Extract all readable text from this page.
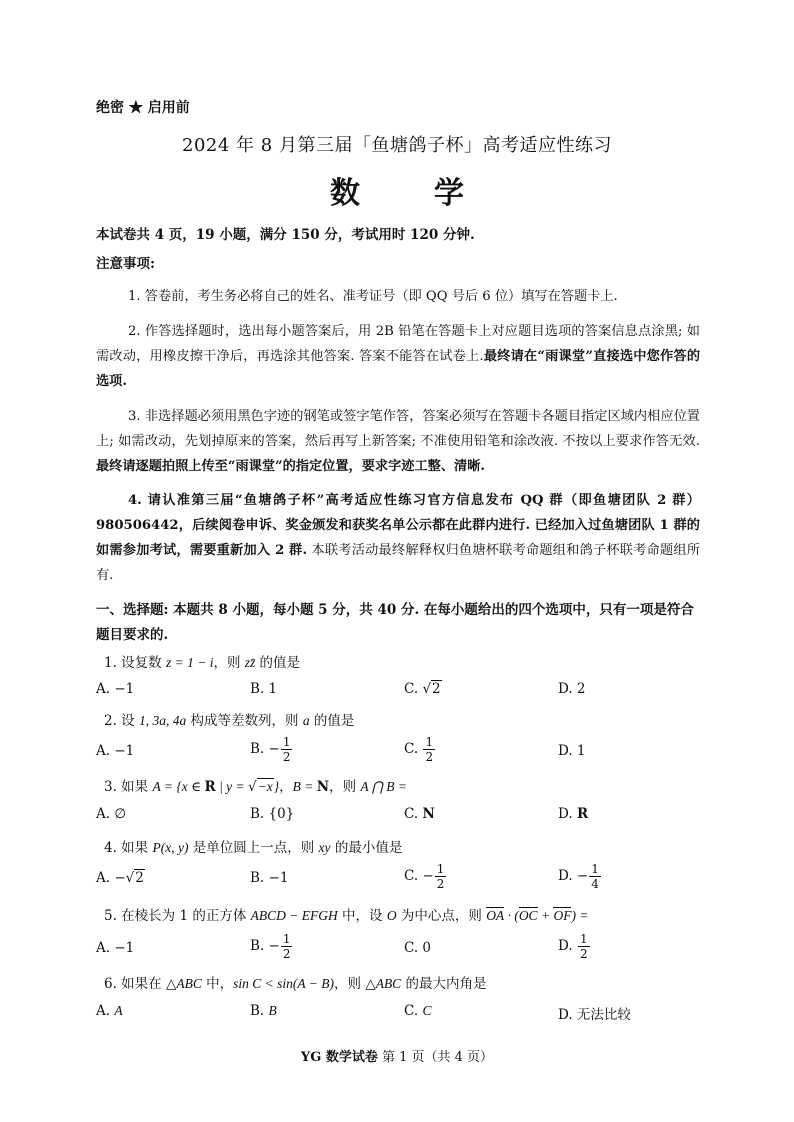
绝密 ★ 启用前
2024 年 8 月第三届「鱼塘鸽子杯」高考适应性练习
数 学
本试卷共 4 页，19 小题，满分 150 分，考试用时 120 分钟.
注意事项:
1. 答卷前，考生务必将自己的姓名、准考证号（即 QQ 号后 6 位）填写在答题卡上.
2. 作答选择题时，选出每小题答案后，用 2B 铅笔在答题卡上对应题目选项的答案信息点涂黑; 如需改动，用橡皮擦干净后，再选涂其他答案. 答案不能答在试卷上.最终请在“雨课堂”直接选中您作答的选项.
3. 非选择题必须用黑色字迹的钢笔或签字笔作答，答案必须写在答题卡各题目指定区域内相应位置上; 如需改动，先划掉原来的答案，然后再写上新答案; 不准使用铅笔和涂改液. 不按以上要求作答无效.最终请逐题拍照上传至“雨课堂”的指定位置，要求字迹工整、清晰.
4. 请认准第三届“鱼塘鸽子杯”高考适应性练习官方信息发布 QQ 群（即鱼塘团队 2 群）980506442，后续阅卷申诉、奖金颁发和获奖名单公示都在此群内进行. 已经加入过鱼塘团队 1 群的如需参加考试，需要重新加入 2 群. 本联考活动最终解释权归鱼塘杯联考命题组和鸽子杯联考命题组所有.
一、选择题: 本题共 8 小题，每小题 5 分，共 40 分. 在每小题给出的四个选项中，只有一项是符合题目要求的.
1. 设复数 z = 1 − i，则 zz̄ 的值是
A. −1	B. 1	C. √2	D. 2
2. 设 1, 3a, 4a 构成等差数列，则 a 的值是
A. −1	B. − $\frac{1}{2}$	C. $\frac{1}{2}$	D. 1
3. 如果 A = {x ∈ R | y = √−x}，B = N，则 A ⋂ B =
A. ∅	B. {0}	C. N	D. R
4. 如果 P(x, y) 是单位圆上一点，则 xy 的最小值是
A. −√2	B. −1	C. − $\frac{1}{2}$	D. − $\frac{1}{4}$
5. 在棱长为 1 的正方体 ABCD − EFGH 中，设 O 为中心点，则 OA · (OC + OF) =
A. −1	B. − $\frac{1}{2}$	C. 0	D. $\frac{1}{2}$
6. 如果在 △ABC 中，sin C < sin(A − B)，则 △ABC 的最大内角是
A. A	B. B	C. C	D. 无法比较
YG 数学试卷 第 1 页（共 4 页）
